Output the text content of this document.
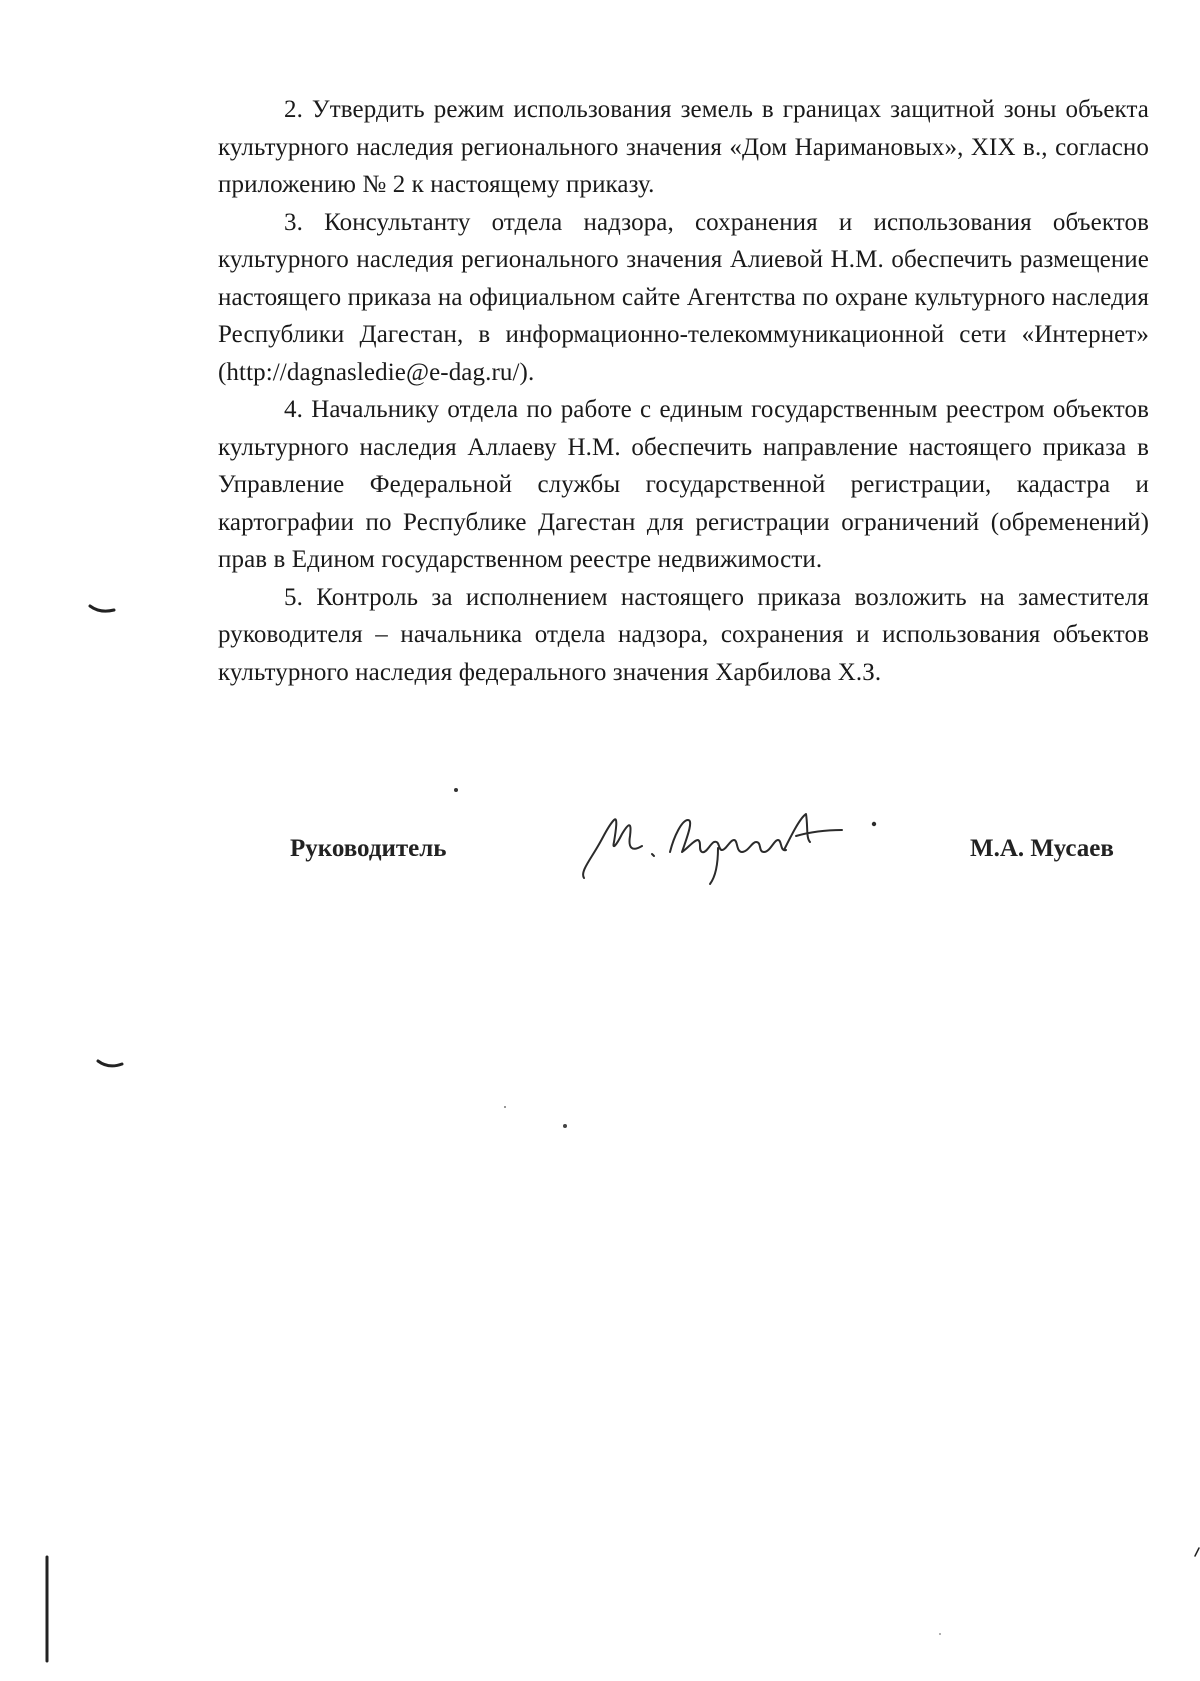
2. Утвердить режим использования земель в границах защитной зоны объекта культурного наследия регионального значения «Дом Наримановых», XIX в., согласно приложению № 2 к настоящему приказу.

3. Консультанту отдела надзора, сохранения и использования объектов культурного наследия регионального значения Алиевой Н.М. обеспечить размещение настоящего приказа на официальном сайте Агентства по охране культурного наследия Республики Дагестан, в информационно-телекоммуникационной сети «Интернет» (http://dagnasledie@e-dag.ru/).

4. Начальнику отдела по работе с единым государственным реестром объектов культурного наследия Аллаеву Н.М. обеспечить направление настоящего приказа в Управление Федеральной службы государственной регистрации, кадастра и картографии по Республике Дагестан для регистрации ограничений (обременений) прав в Едином государственном реестре недвижимости.

5. Контроль за исполнением настоящего приказа возложить на заместителя руководителя – начальника отдела надзора, сохранения и использования объектов культурного наследия федерального значения Харбилова Х.З.

Руководитель	М.А. Мусаев
